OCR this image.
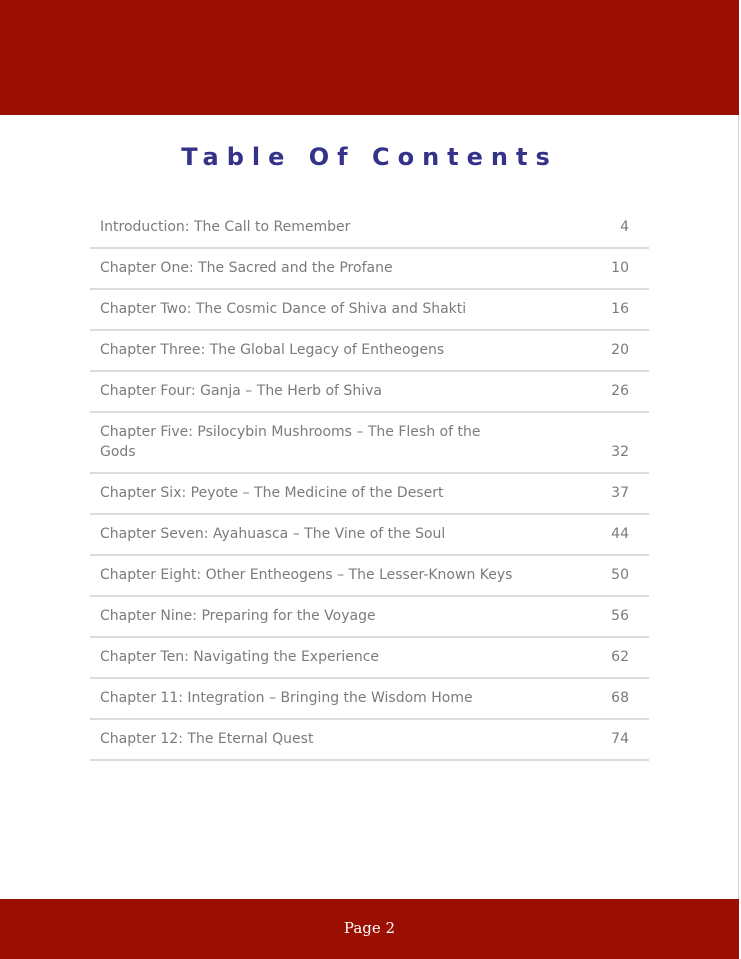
Table Of Contents
Introduction: The Call to Remember	4
Chapter One: The Sacred and the Profane	10
Chapter Two: The Cosmic Dance of Shiva and Shakti	16
Chapter Three: The Global Legacy of Entheogens	20
Chapter Four: Ganja – The Herb of Shiva	26
Chapter Five: Psilocybin Mushrooms – The Flesh of the Gods	32
Chapter Six: Peyote – The Medicine of the Desert	37
Chapter Seven: Ayahuasca – The Vine of the Soul	44
Chapter Eight: Other Entheogens – The Lesser-Known Keys	50
Chapter Nine: Preparing for the Voyage	56
Chapter Ten: Navigating the Experience	62
Chapter 11: Integration – Bringing the Wisdom Home	68
Chapter 12: The Eternal Quest	74
Page 2
